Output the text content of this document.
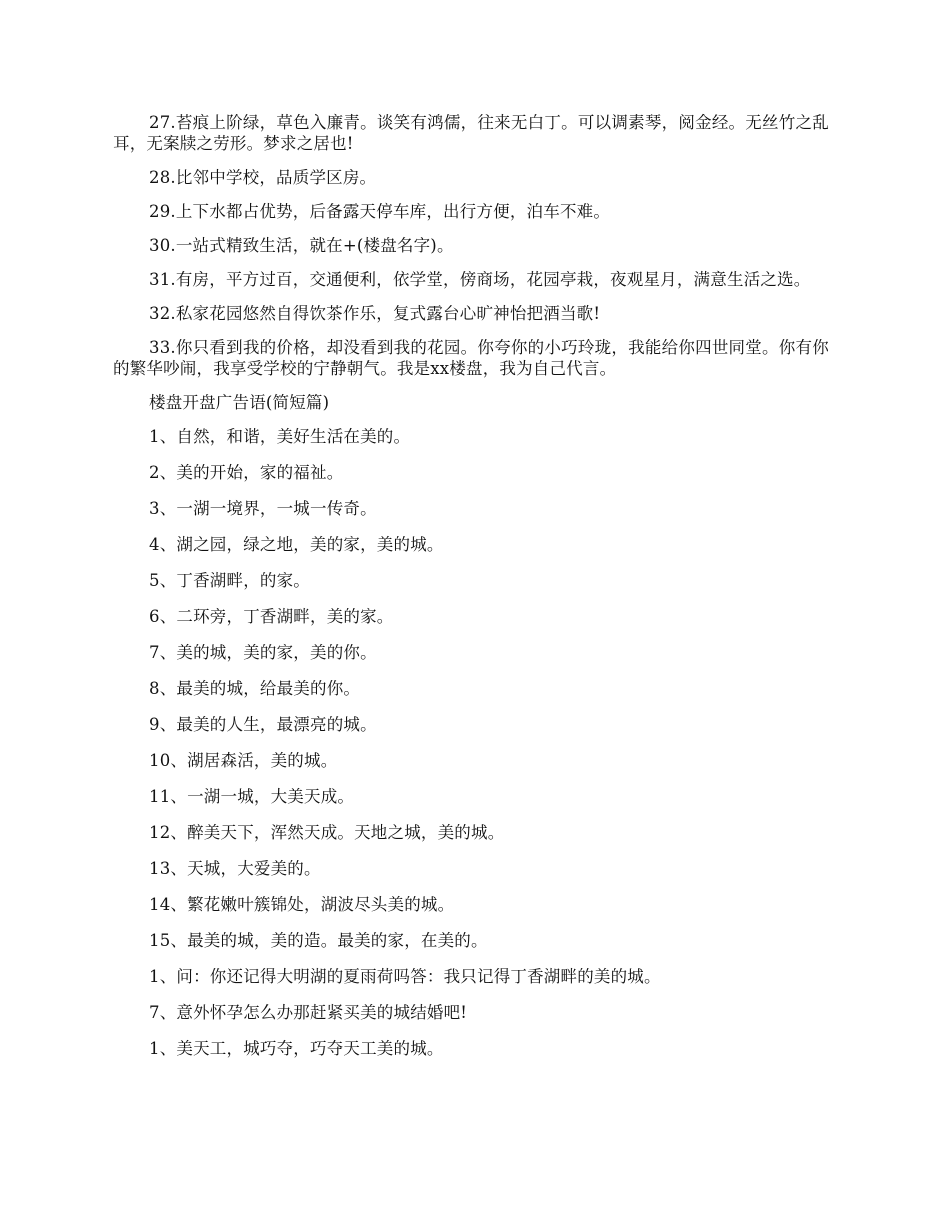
27.苔痕上阶绿，草色入廉青。谈笑有鸿儒，往来无白丁。可以调素琴，阅金经。无丝竹之乱耳，无案牍之劳形。梦求之居也!

28.比邻中学校，品质学区房。

29.上下水都占优势，后备露天停车库，出行方便，泊车不难。

30.一站式精致生活，就在+(楼盘名字)。

31.有房，平方过百，交通便利，依学堂，傍商场，花园亭栽，夜观星月，满意生活之选。

32.私家花园悠然自得饮茶作乐，复式露台心旷神怡把酒当歌!

33.你只看到我的价格，却没看到我的花园。你夸你的小巧玲珑，我能给你四世同堂。你有你的繁华吵闹，我享受学校的宁静朝气。我是xx楼盘，我为自己代言。

楼盘开盘广告语(简短篇)

1、自然，和谐，美好生活在美的。
2、美的开始，家的福祉。
3、一湖一境界，一城一传奇。
4、湖之园，绿之地，美的家，美的城。
5、丁香湖畔，的家。
6、二环旁，丁香湖畔，美的家。
7、美的城，美的家，美的你。
8、最美的城，给最美的你。
9、最美的人生，最漂亮的城。
10、湖居森活，美的城。
11、一湖一城，大美天成。
12、醉美天下，浑然天成。天地之城，美的城。
13、天城，大爱美的。
14、繁花嫩叶簇锦处，湖波尽头美的城。
15、最美的城，美的造。最美的家，在美的。
1、问：你还记得大明湖的夏雨荷吗答：我只记得丁香湖畔的美的城。
7、意外怀孕怎么办那赶紧买美的城结婚吧!
1、美天工，城巧夺，巧夺天工美的城。
